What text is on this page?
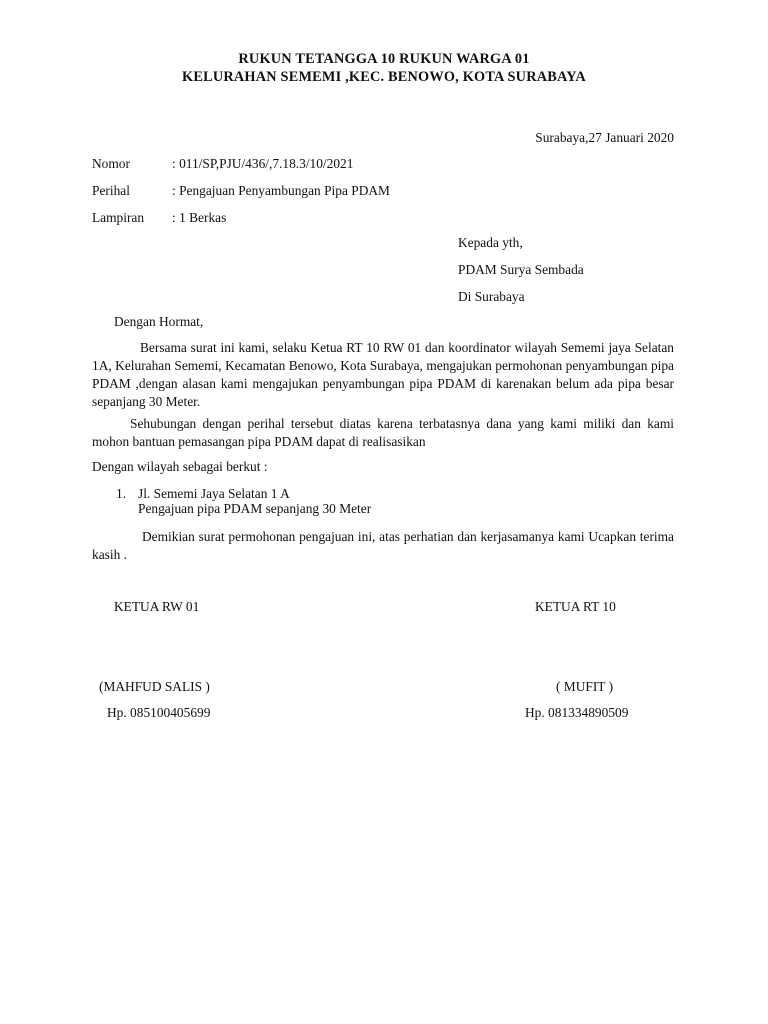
RUKUN TETANGGA 10 RUKUN WARGA 01
KELURAHAN SEMEMI ,KEC. BENOWO, KOTA SURABAYA
Surabaya,27 Januari 2020
Nomor	: 011/SP,PJU/436/,7.18.3/10/2021
Perihal	: Pengajuan Penyambungan Pipa PDAM
Lampiran : 1 Berkas
Kepada yth,
PDAM Surya Sembada
Di Surabaya
Dengan Hormat,
Bersama surat ini kami, selaku Ketua RT 10 RW 01 dan koordinator wilayah Sememi jaya Selatan 1A, Kelurahan Sememi, Kecamatan Benowo, Kota Surabaya, mengajukan permohonan penyambungan pipa PDAM ,dengan alasan kami mengajukan penyambungan pipa PDAM di karenakan belum ada pipa besar sepanjang 30 Meter.
Sehubungan dengan perihal tersebut diatas karena terbatasnya dana yang kami miliki dan kami mohon bantuan pemasangan pipa PDAM dapat di realisasikan
Dengan wilayah sebagai berkut :
1. Jl. Sememi Jaya Selatan 1 A
Pengajuan pipa PDAM sepanjang 30 Meter
Demikian surat permohonan pengajuan ini, atas perhatian dan kerjasamanya kami Ucapkan terima kasih .
KETUA RW 01	KETUA RT 10
(MAHFUD SALIS )	( MUFIT )
Hp. 085100405699	Hp. 081334890509
